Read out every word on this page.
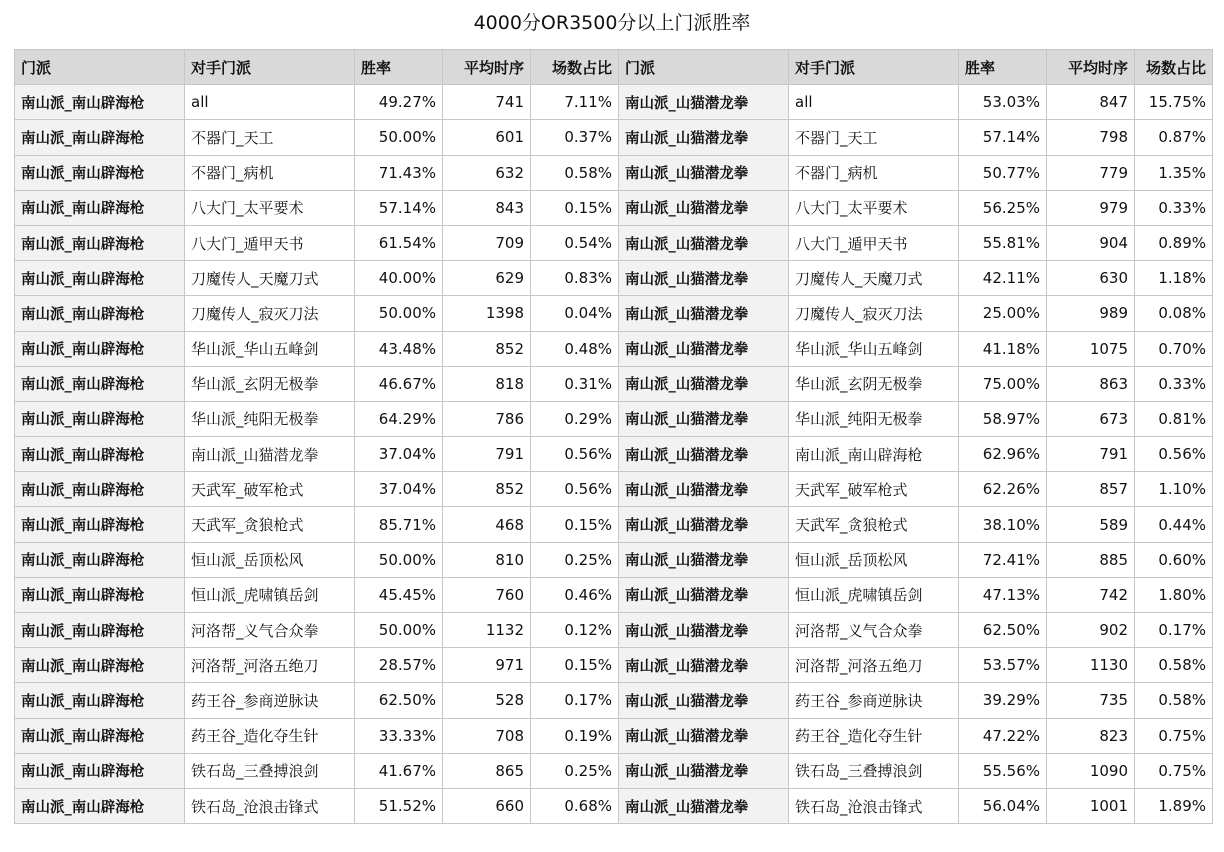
4000分OR3500分以上门派胜率
门派	对手门派	胜率	平均时序	场数占比	门派	对手门派	胜率	平均时序	场数占比
南山派_南山辟海枪	all	49.27%	741	7.11%	南山派_山猫潜龙拳	all	53.03%	847	15.75%
南山派_南山辟海枪	不器门_天工	50.00%	601	0.37%	南山派_山猫潜龙拳	不器门_天工	57.14%	798	0.87%
南山派_南山辟海枪	不器门_病机	71.43%	632	0.58%	南山派_山猫潜龙拳	不器门_病机	50.77%	779	1.35%
南山派_南山辟海枪	八大门_太平要术	57.14%	843	0.15%	南山派_山猫潜龙拳	八大门_太平要术	56.25%	979	0.33%
南山派_南山辟海枪	八大门_遁甲天书	61.54%	709	0.54%	南山派_山猫潜龙拳	八大门_遁甲天书	55.81%	904	0.89%
南山派_南山辟海枪	刀魔传人_天魔刀式	40.00%	629	0.83%	南山派_山猫潜龙拳	刀魔传人_天魔刀式	42.11%	630	1.18%
南山派_南山辟海枪	刀魔传人_寂灭刀法	50.00%	1398	0.04%	南山派_山猫潜龙拳	刀魔传人_寂灭刀法	25.00%	989	0.08%
南山派_南山辟海枪	华山派_华山五峰剑	43.48%	852	0.48%	南山派_山猫潜龙拳	华山派_华山五峰剑	41.18%	1075	0.70%
南山派_南山辟海枪	华山派_玄阴无极拳	46.67%	818	0.31%	南山派_山猫潜龙拳	华山派_玄阴无极拳	75.00%	863	0.33%
南山派_南山辟海枪	华山派_纯阳无极拳	64.29%	786	0.29%	南山派_山猫潜龙拳	华山派_纯阳无极拳	58.97%	673	0.81%
南山派_南山辟海枪	南山派_山猫潜龙拳	37.04%	791	0.56%	南山派_山猫潜龙拳	南山派_南山辟海枪	62.96%	791	0.56%
南山派_南山辟海枪	天武军_破军枪式	37.04%	852	0.56%	南山派_山猫潜龙拳	天武军_破军枪式	62.26%	857	1.10%
南山派_南山辟海枪	天武军_贪狼枪式	85.71%	468	0.15%	南山派_山猫潜龙拳	天武军_贪狼枪式	38.10%	589	0.44%
南山派_南山辟海枪	恒山派_岳顶松风	50.00%	810	0.25%	南山派_山猫潜龙拳	恒山派_岳顶松风	72.41%	885	0.60%
南山派_南山辟海枪	恒山派_虎啸镇岳剑	45.45%	760	0.46%	南山派_山猫潜龙拳	恒山派_虎啸镇岳剑	47.13%	742	1.80%
南山派_南山辟海枪	河洛帮_义气合众拳	50.00%	1132	0.12%	南山派_山猫潜龙拳	河洛帮_义气合众拳	62.50%	902	0.17%
南山派_南山辟海枪	河洛帮_河洛五绝刀	28.57%	971	0.15%	南山派_山猫潜龙拳	河洛帮_河洛五绝刀	53.57%	1130	0.58%
南山派_南山辟海枪	药王谷_参商逆脉诀	62.50%	528	0.17%	南山派_山猫潜龙拳	药王谷_参商逆脉诀	39.29%	735	0.58%
南山派_南山辟海枪	药王谷_造化夺生针	33.33%	708	0.19%	南山派_山猫潜龙拳	药王谷_造化夺生针	47.22%	823	0.75%
南山派_南山辟海枪	铁石岛_三叠搏浪剑	41.67%	865	0.25%	南山派_山猫潜龙拳	铁石岛_三叠搏浪剑	55.56%	1090	0.75%
南山派_南山辟海枪	铁石岛_沧浪击锋式	51.52%	660	0.68%	南山派_山猫潜龙拳	铁石岛_沧浪击锋式	56.04%	1001	1.89%
